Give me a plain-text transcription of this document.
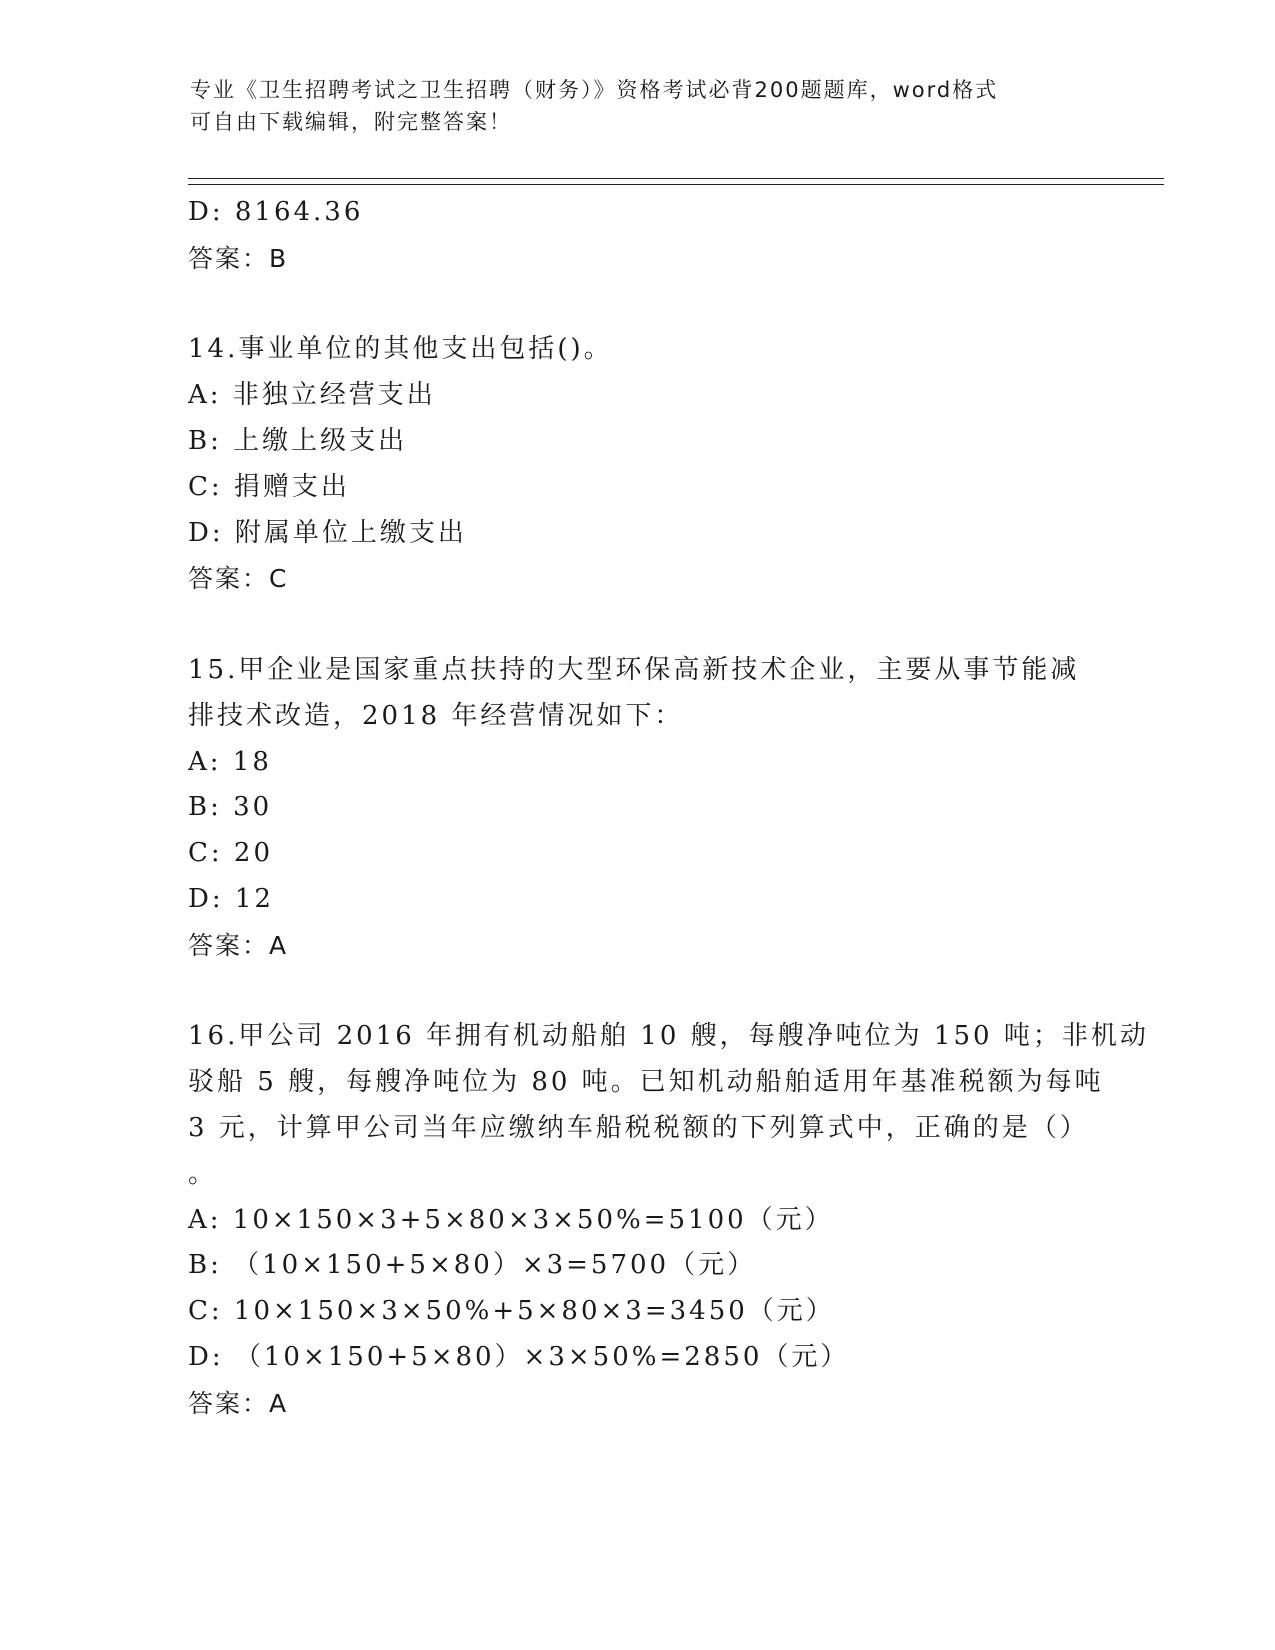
专业《卫生招聘考试之卫生招聘（财务）》资格考试必背200题题库，word格式
可自由下载编辑，附完整答案！
D: 8164.36
答案：B
14.事业单位的其他支出包括()。
A: 非独立经营支出
B: 上缴上级支出
C: 捐赠支出
D: 附属单位上缴支出
答案：C
15.甲企业是国家重点扶持的大型环保高新技术企业，主要从事节能减
排技术改造，2018 年经营情况如下：
A: 18
B: 30
C: 20
D: 12
答案：A
16.甲公司 2016 年拥有机动船舶 10 艘，每艘净吨位为 150 吨；非机动
驳船 5 艘，每艘净吨位为 80 吨。已知机动船舶适用年基准税额为每吨
3 元，计算甲公司当年应缴纳车船税税额的下列算式中，正确的是（）
。
A: 10×150×3+5×80×3×50%=5100（元）
B: （10×150+5×80）×3=5700（元）
C: 10×150×3×50%+5×80×3=3450（元）
D: （10×150+5×80）×3×50%=2850（元）
答案：A
